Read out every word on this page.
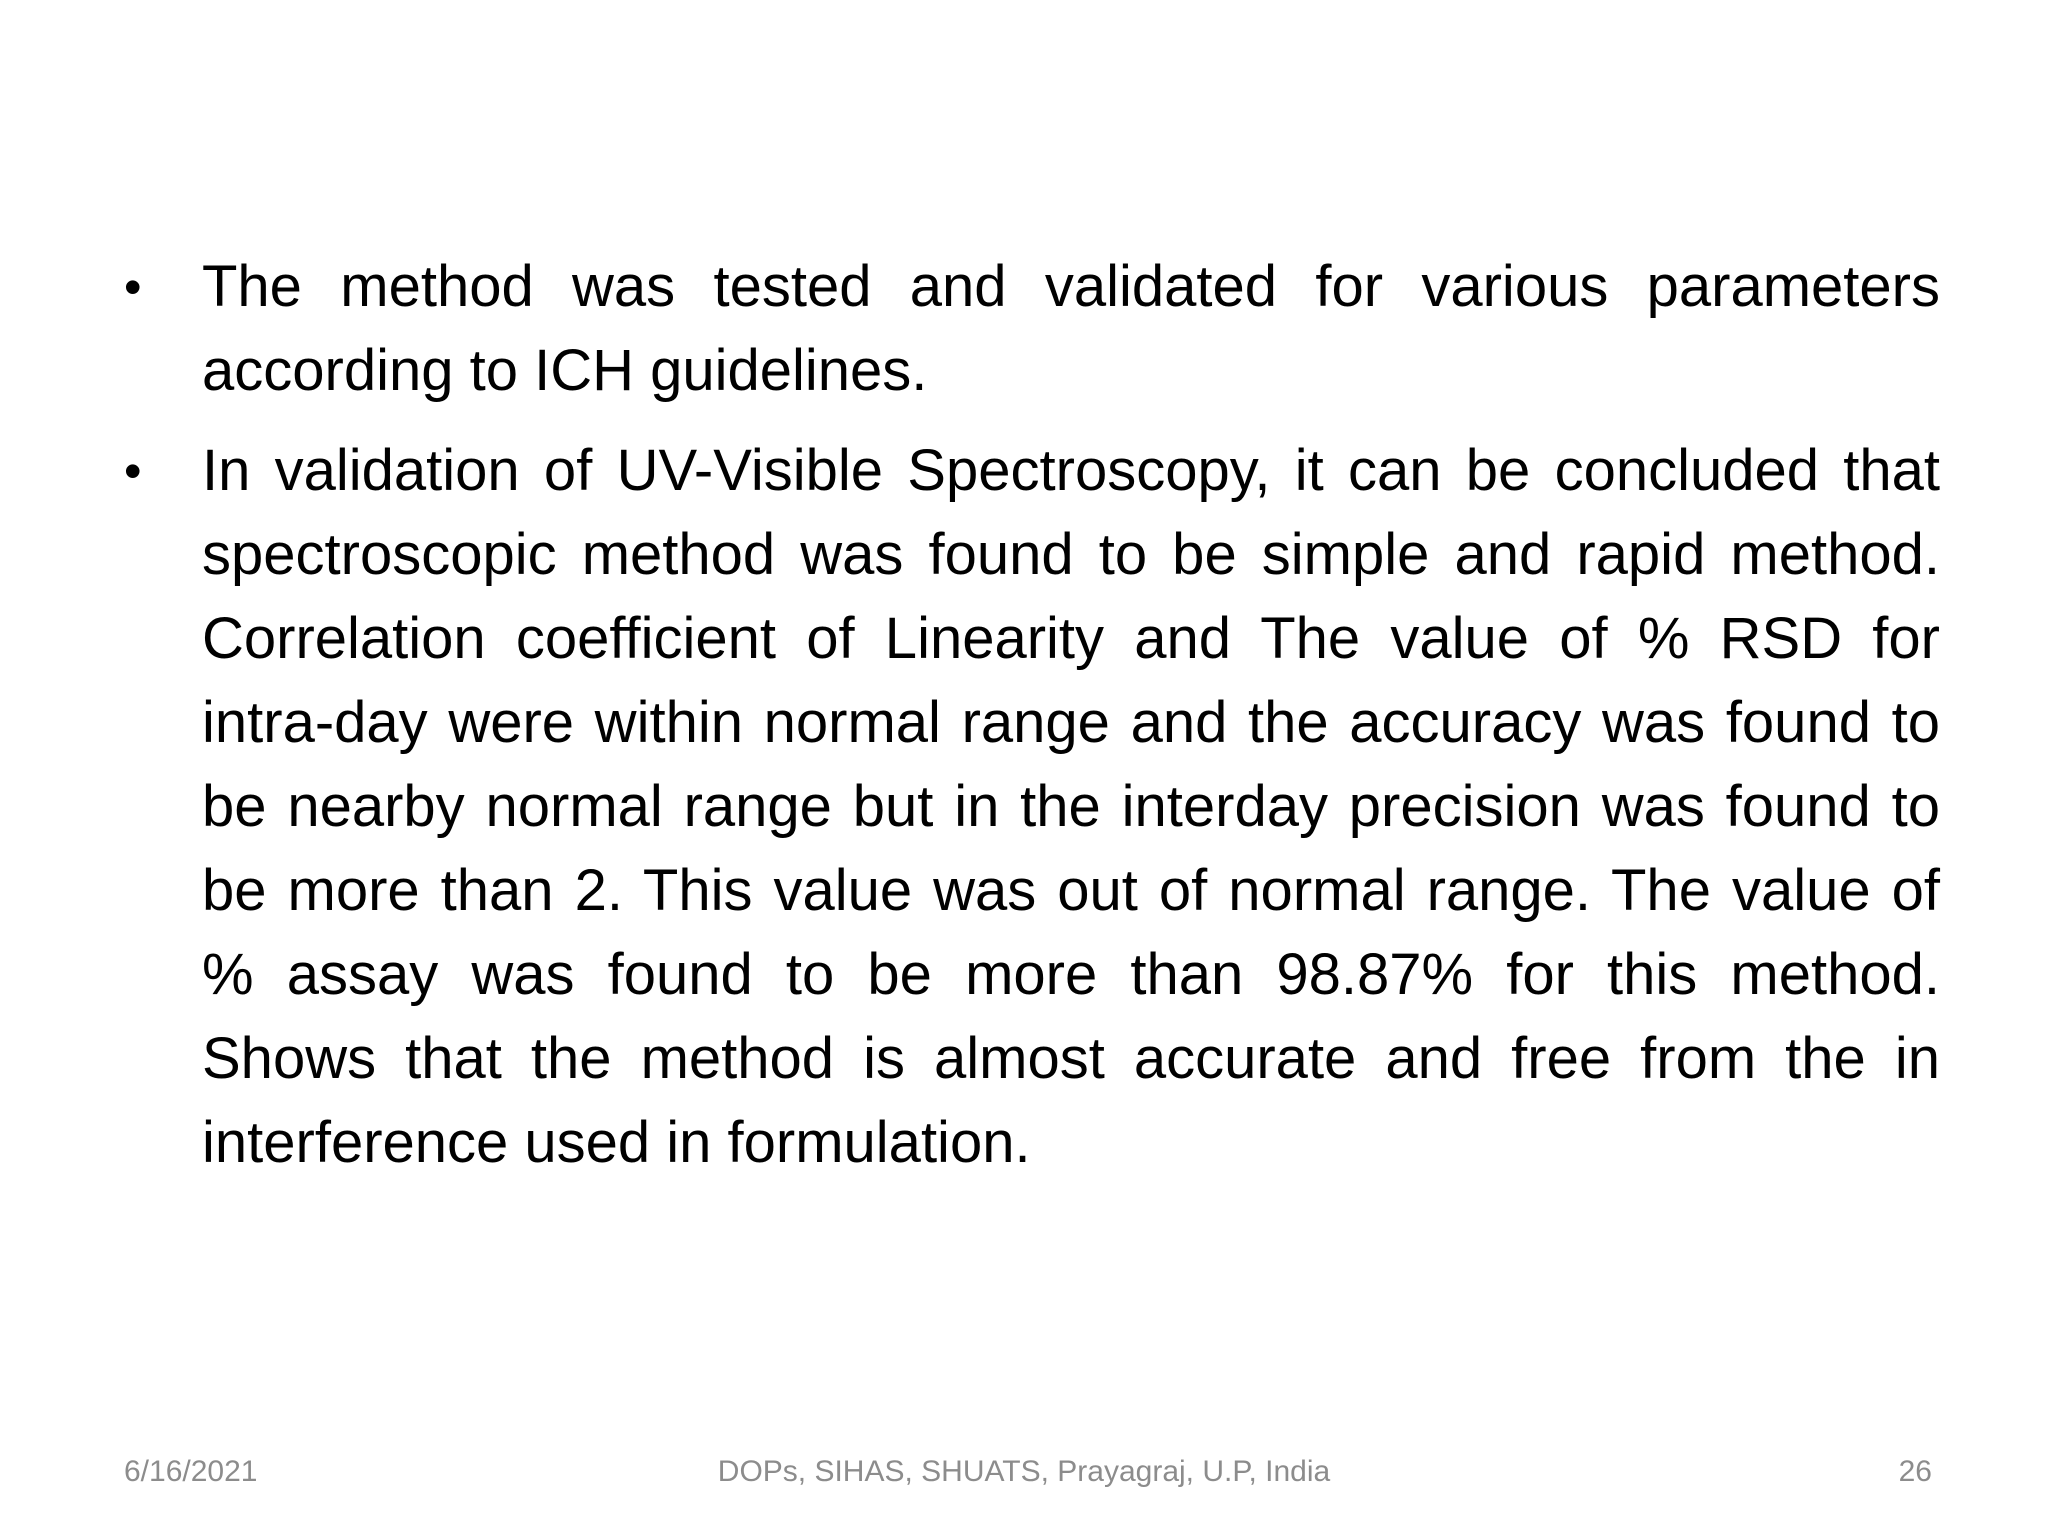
•	The method was tested and validated for various parameters according to ICH guidelines.
•	In validation of UV-Visible Spectroscopy, it can be concluded that spectroscopic method was found to be simple and rapid method. Correlation coefficient of Linearity and The value of % RSD for intra-day were within normal range and the accuracy was found to be nearby normal range but in the interday precision was found to be more than 2. This value was out of normal range. The value of % assay was found to be more than 98.87% for this method. Shows that the method is almost accurate and free from the in interference used in formulation.
6/16/2021	DOPs, SIHAS, SHUATS, Prayagraj, U.P, India	26
